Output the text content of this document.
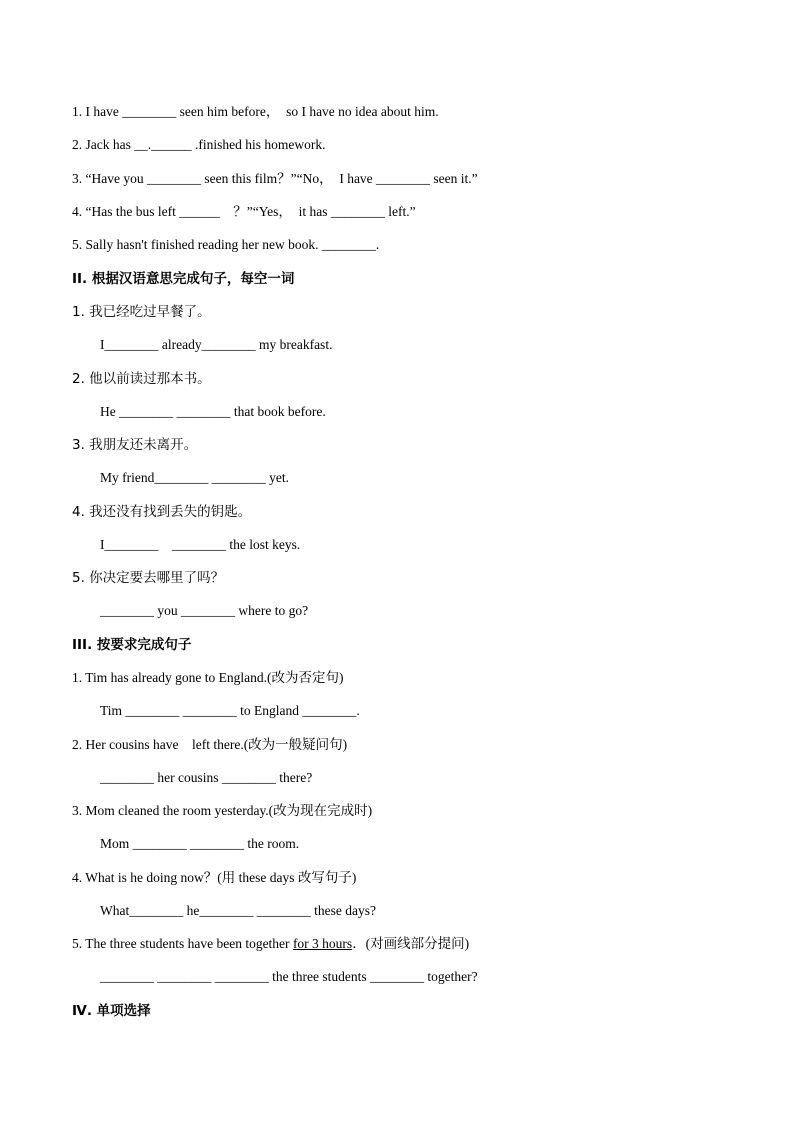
1. I have ________ seen him before，  so I have no idea about him.
2. Jack has __.______ .finished his homework.
3. “Have you ________ seen this film？”“No，  I have ________ seen it.”
4. “Has the bus left ______    ？”“Yes，  it has ________ left.”
5. Sally hasn't finished reading her new book. ________.
II. 根据汉语意思完成句子，每空一词
1. 我已经吃过早餐了。
I________ already________ my breakfast.
2. 他以前读过那本书。
He ________ ________ that book before.
3. 我朋友还未离开。
My friend________ ________ yet.
4. 我还没有找到丢失的钥匙。
I________    ________ the lost keys.
5. 你决定要去哪里了吗？
________ you ________ where to go?
III. 按要求完成句子
1. Tim has already gone to England.(改为否定句)
Tim ________ ________ to England ________.
2. Her cousins have    left there.(改为一般疑问句)
________ her cousins ________ there?
3. Mom cleaned the room yesterday.(改为现在完成时)
Mom ________ ________ the room.
4. What is he doing now？(用 these days 改写句子)
What________ he________ ________ these days?
5. The three students have been together for 3 hours．(对画线部分提问)
________ ________ ________ the three students ________ together?
Ⅳ. 单项选择
